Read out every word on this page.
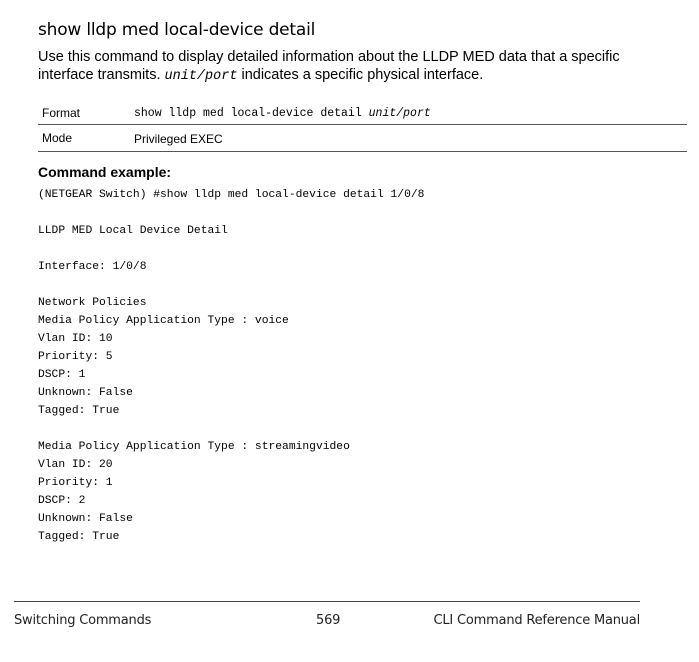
show lldp med local-device detail

Use this command to display detailed information about the LLDP MED data that a specific interface transmits. unit/port indicates a specific physical interface.

Format	show lldp med local-device detail unit/port
Mode	Privileged EXEC
Command example:
(NETGEAR Switch) #show lldp med local-device detail 1/0/8
LLDP MED Local Device Detail
Interface: 1/0/8
Network Policies
Media Policy Application Type : voice
Vlan ID: 10
Priority: 5
DSCP: 1
Unknown: False
Tagged: True
Media Policy Application Type : streamingvideo
Vlan ID: 20
Priority: 1
DSCP: 2
Unknown: False
Tagged: True
Switching Commands	569	CLI Command Reference Manual
